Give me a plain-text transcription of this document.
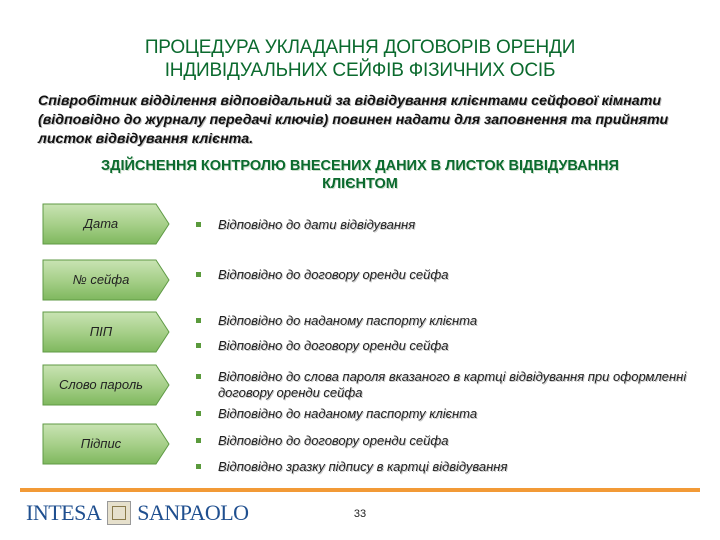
ПРОЦЕДУРА УКЛАДАННЯ ДОГОВОРІВ ОРЕНДИ
ІНДИВІДУАЛЬНИХ СЕЙФІВ ФІЗИЧНИХ ОСІБ
Співробітник відділення відповідальний за відвідування клієнтами сейфової кімнати (відповідно до журналу передачі ключів) повинен надати для заповнення та прийняти листок відвідування клієнта.
ЗДІЙСНЕННЯ КОНТРОЛЮ ВНЕСЕНИХ ДАНИХ В ЛИСТОК ВІДВІДУВАННЯ
КЛІЄНТОМ
Дата
№ сейфа
ПІП
Слово пароль
Підпис
Відповідно до дати відвідування
Відповідно до договору оренди сейфа
Відповідно до наданому паспорту клієнта
Відповідно до договору оренди сейфа
Відповідно до слова пароля вказаного в картці відвідування при оформленні договору оренди сейфа
Відповідно до наданому паспорту клієнта
Відповідно до договору оренди сейфа
Відповідно зразку підпису в картці відвідування
INTESA SANPAOLO	33
